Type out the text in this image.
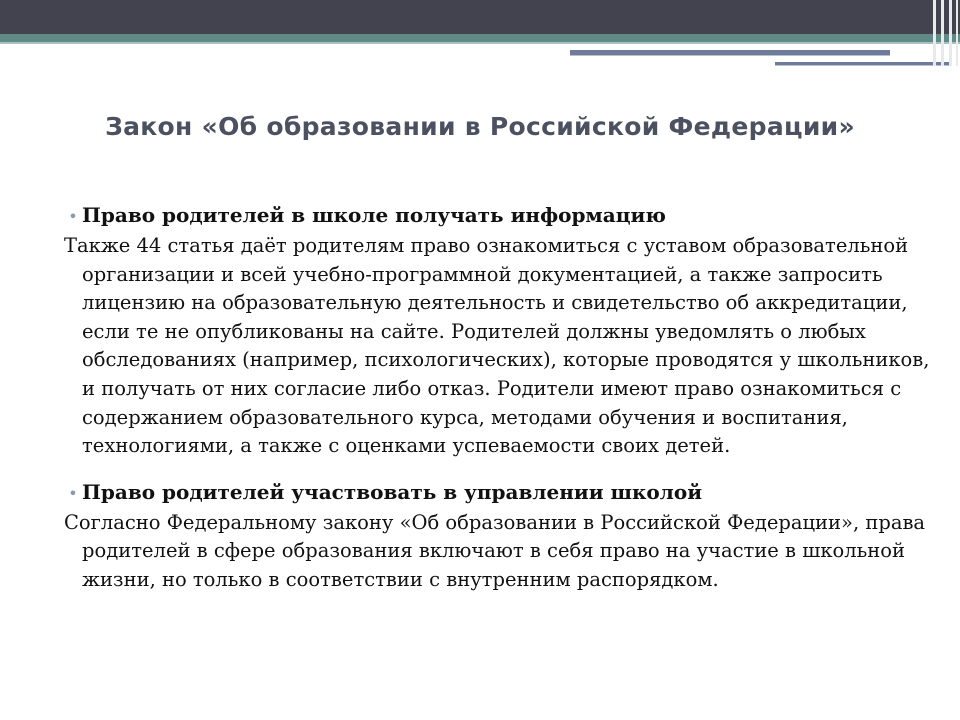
Закон «Об образовании в Российской Федерации»
• Право родителей в школе получать информацию

Также 44 статья даёт родителям право ознакомиться с уставом образовательной организации и всей учебно-программной документацией, а также запросить лицензию на образовательную деятельность и свидетельство об аккредитации, если те не опубликованы на сайте. Родителей должны уведомлять о любых обследованиях (например, психологических), которые проводятся у школьников, и получать от них согласие либо отказ. Родители имеют право ознакомиться с содержанием образовательного курса, методами обучения и воспитания, технологиями, а также с оценками успеваемости своих детей.

• Право родителей участвовать в управлении школой

Согласно Федеральному закону «Об образовании в Российской Федерации», права родителей в сфере образования включают в себя право на участие в школьной жизни, но только в соответствии с внутренним распорядком.
